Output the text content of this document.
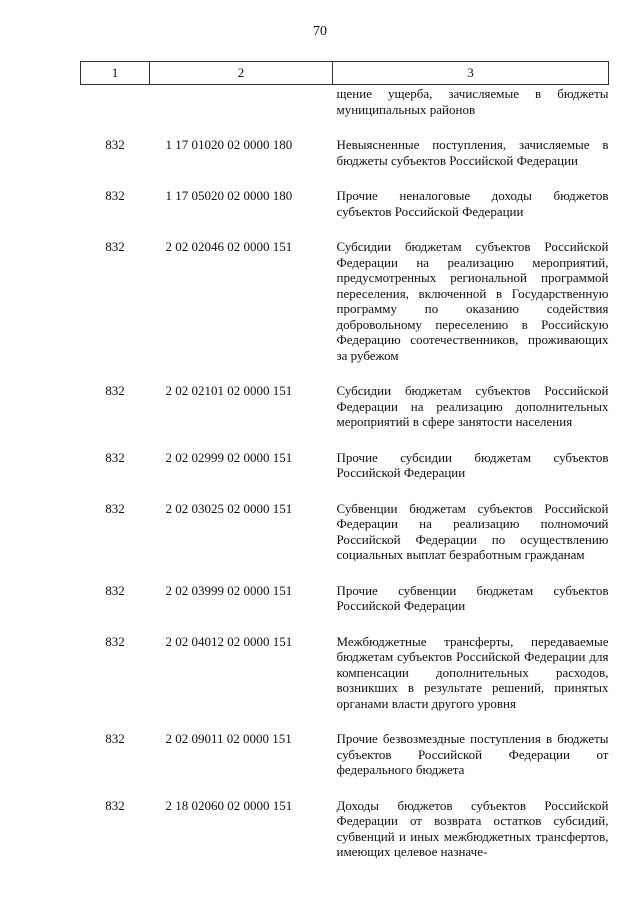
70
1	2	3
		щение ущерба, зачисляемые в бюджеты муниципальных районов
832	1 17 01020 02 0000 180	Невыясненные поступления, зачисляемые в бюджеты субъектов Российской Федерации
832	1 17 05020 02 0000 180	Прочие неналоговые доходы бюджетов субъектов Российской Федерации
832	2 02 02046 02 0000 151	Субсидии бюджетам субъектов Российской Федерации на реализацию мероприятий, предусмотренных региональной программой переселения, включенной в Государственную программу по оказанию содействия добровольному переселению в Российскую Федерацию соотечественников, проживающих за рубежом
832	2 02 02101 02 0000 151	Субсидии бюджетам субъектов Российской Федерации на реализацию дополнительных мероприятий в сфере занятости населения
832	2 02 02999 02 0000 151	Прочие субсидии бюджетам субъектов Российской Федерации
832	2 02 03025 02 0000 151	Субвенции бюджетам субъектов Российской Федерации на реализацию полномочий Российской Федерации по осуществлению социальных выплат безработным гражданам
832	2 02 03999 02 0000 151	Прочие субвенции бюджетам субъектов Российской Федерации
832	2 02 04012 02 0000 151	Межбюджетные трансферты, передаваемые бюджетам субъектов Российской Федерации для компенсации дополнительных расходов, возникших в результате решений, принятых органами власти другого уровня
832	2 02 09011 02 0000 151	Прочие безвозмездные поступления в бюджеты субъектов Российской Федерации от федерального бюджета
832	2 18 02060 02 0000 151	Доходы бюджетов субъектов Российской Федерации от возврата остатков субсидий, субвенций и иных межбюджетных трансфертов, имеющих целевое назначе-
